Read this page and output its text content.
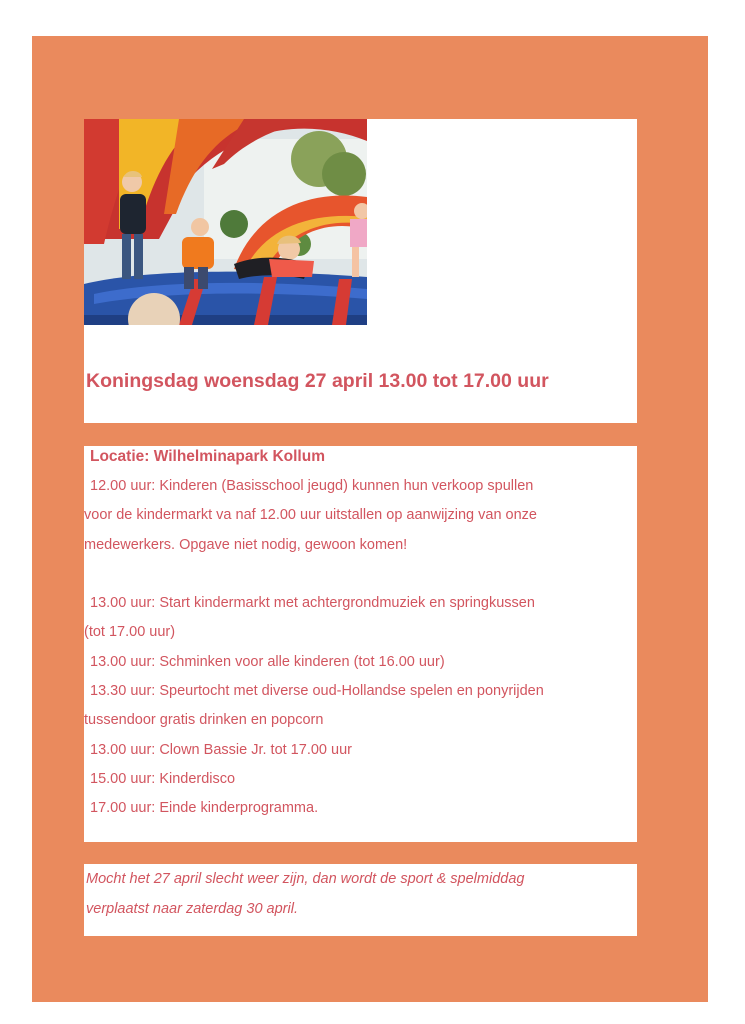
Koningsdag woensdag 27 april 13.00 tot 17.00 uur
Locatie: Wilhelminapark Kollum
12.00 uur: Kinderen (Basisschool jeugd) kunnen hun verkoop spullen
voor de kindermarkt va naf 12.00 uur uitstallen op aanwijzing van onze
medewerkers. Opgave niet nodig, gewoon komen!
13.00 uur: Start kindermarkt met achtergrondmuziek en springkussen
(tot 17.00 uur)
13.00 uur: Schminken voor alle kinderen (tot 16.00 uur)
13.30 uur: Speurtocht met diverse oud-Hollandse spelen en ponyrijden
tussendoor gratis drinken en popcorn
13.00 uur: Clown Bassie Jr. tot 17.00 uur
15.00 uur: Kinderdisco
17.00 uur: Einde kinderprogramma.
Mocht het 27 april slecht weer zijn, dan wordt de sport & spelmiddag
verplaatst naar zaterdag 30 april.
